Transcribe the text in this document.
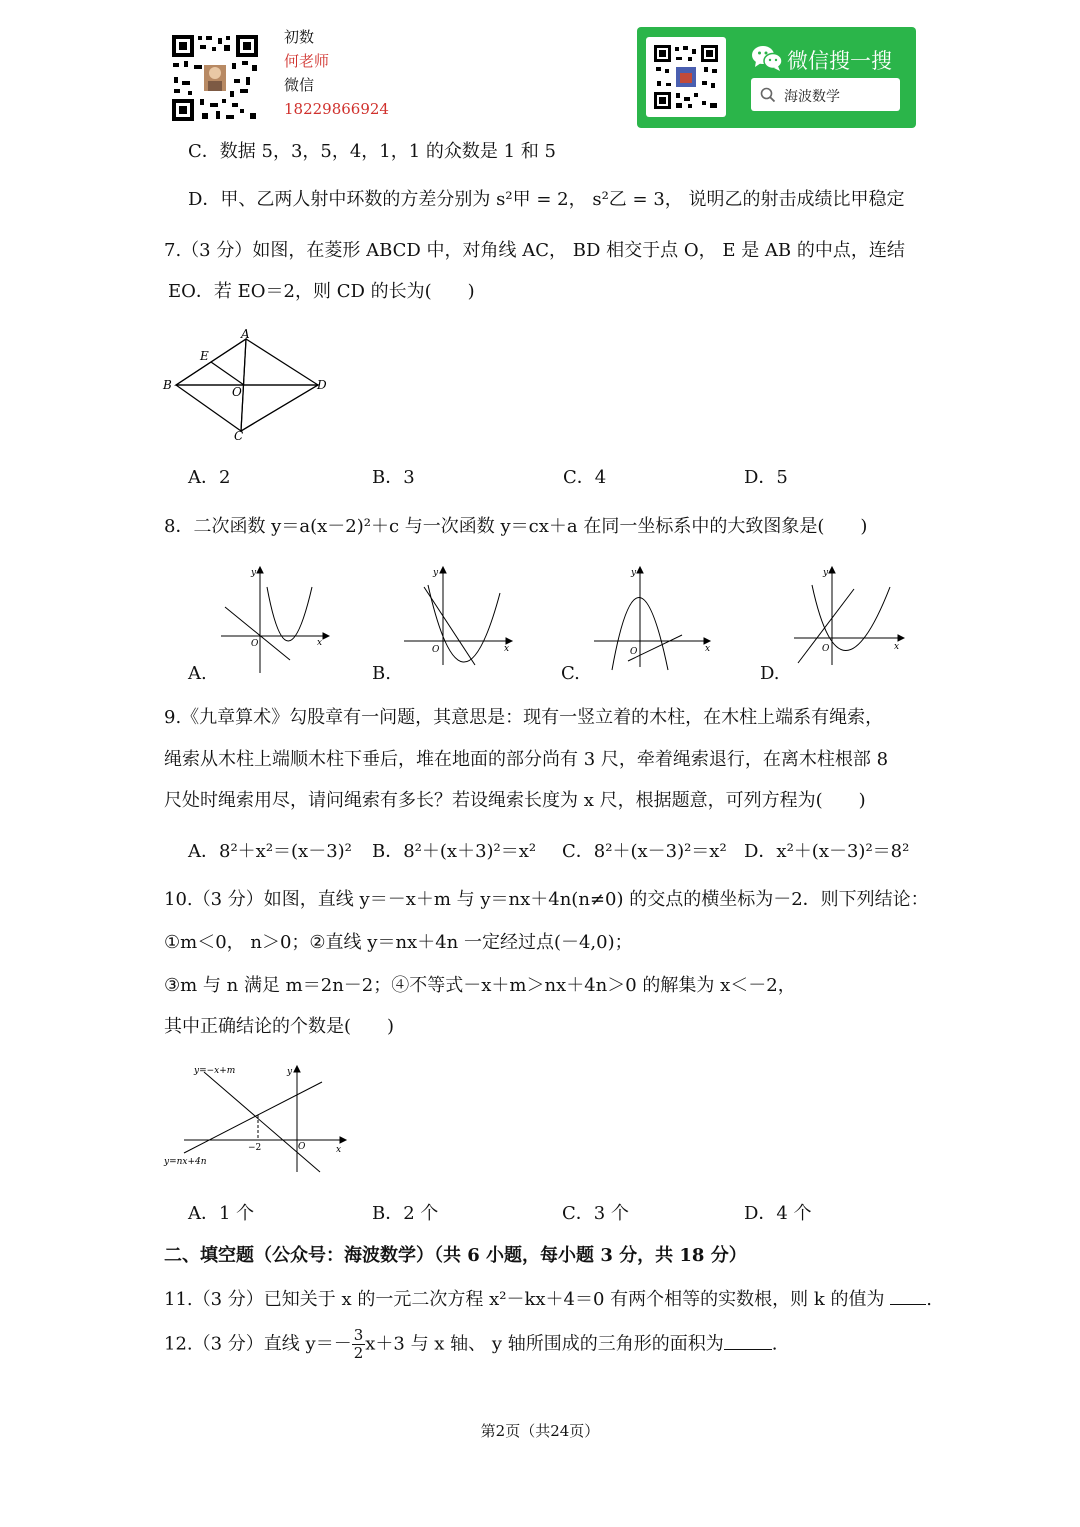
初数
何老师
微信
18229866924
微信搜一搜
海波数学
C．数据 5，3，5，4，1，1 的众数是 1 和 5
D．甲、乙两人射中环数的方差分别为 s²甲 = 2， s²乙 = 3， 说明乙的射击成绩比甲稳定
7.（3 分）如图，在菱形 ABCD 中，对角线 AC， BD 相交于点 O， E 是 AB 的中点，连结
EO．若 EO＝2，则 CD 的长为(　　)
A
B
C
D
E
O
A．2	B．3	C．4	D．5
8．二次函数 y＝a(x－2)²＋c 与一次函数 y＝cx＋a 在同一坐标系中的大致图象是(　　)
y
x
O
y
x
O
y
x
O
y
x
O
A.	B.	C.	D.
9.《九章算术》勾股章有一问题，其意思是：现有一竖立着的木柱，在木柱上端系有绳索，
绳索从木柱上端顺木柱下垂后，堆在地面的部分尚有 3 尺，牵着绳索退行，在离木柱根部 8
尺处时绳索用尽，请问绳索有多长？若设绳索长度为 x 尺，根据题意，可列方程为(　　)
A．8²＋x²＝(x－3)² B．8²＋(x＋3)²＝x² C．8²＋(x－3)²＝x² D．x²＋(x－3)²＝8²
10.（3 分）如图，直线 y＝－x＋m 与 y＝nx＋4n(n≠0) 的交点的横坐标为－2．则下列结论：
①m＜0， n＞0；②直线 y＝nx＋4n 一定经过点(－4,0)；
③m 与 n 满足 m＝2n－2；④不等式－x＋m＞nx＋4n＞0 的解集为 x＜－2，
其中正确结论的个数是(　　)
y=−x+m
y=nx+4n
−2	O	x
y
A．1 个	B．2 个	C．3 个	D．4 个
二、填空题（公众号：海波数学）（共 6 小题，每小题 3 分，共 18 分）
11.（3 分）已知关于 x 的一元二次方程 x²－kx＋4＝0 有两个相等的实数根，则 k 的值为 .
12.（3 分）直线 $y=- \frac{3}{2} x+3$ 与 x 轴、 y 轴所围成的三角形的面积为	.
第2页（共24页）
